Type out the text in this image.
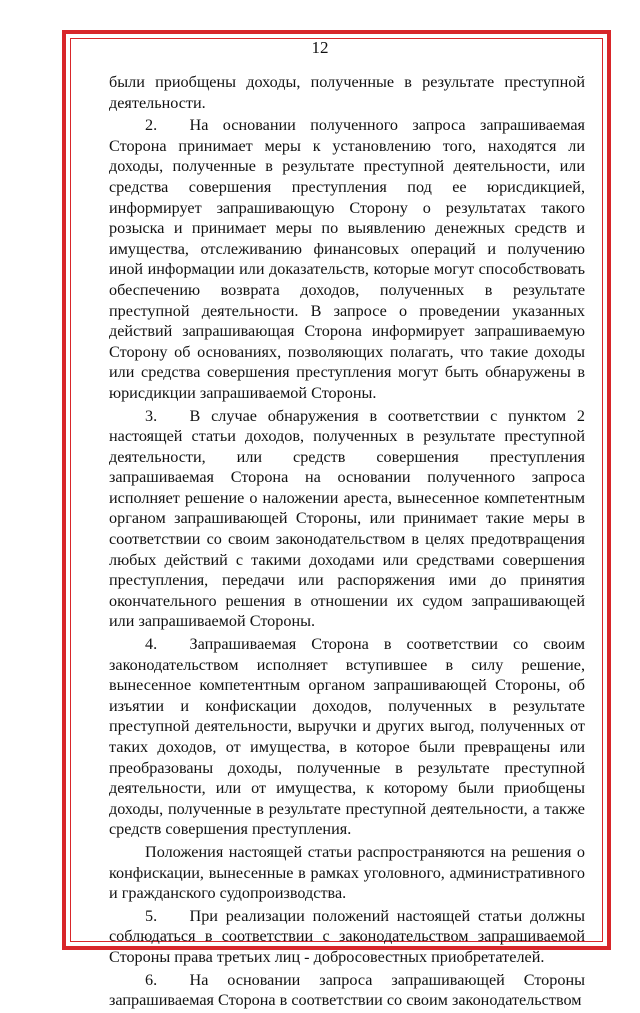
12

были приобщены доходы, полученные в результате преступной деятельности.

2.  На основании полученного запроса запрашиваемая Сторона принимает меры к установлению того, находятся ли доходы, полученные в результате преступной деятельности, или средства совершения преступления под ее юрисдикцией, информирует запрашивающую Сторону о результатах такого розыска и принимает меры по выявлению денежных средств и имущества, отслеживанию финансовых операций и получению иной информации или доказательств, которые могут способствовать обеспечению возврата доходов, полученных в результате преступной деятельности. В запросе о проведении указанных действий запрашивающая Сторона информирует запрашиваемую Сторону об основаниях, позволяющих полагать, что такие доходы или средства совершения преступления могут быть обнаружены в юрисдикции запрашиваемой Стороны.

3.  В случае обнаружения в соответствии с пунктом 2 настоящей статьи доходов, полученных в результате преступной деятельности, или средств совершения преступления запрашиваемая Сторона на основании полученного запроса исполняет решение о наложении ареста, вынесенное компетентным органом запрашивающей Стороны, или принимает такие меры в соответствии со своим законодательством в целях предотвращения любых действий с такими доходами или средствами совершения преступления, передачи или распоряжения ими до принятия окончательного решения в отношении их судом запрашивающей или запрашиваемой Стороны.

4.  Запрашиваемая Сторона в соответствии со своим законодательством исполняет вступившее в силу решение, вынесенное компетентным органом запрашивающей Стороны, об изъятии и конфискации доходов, полученных в результате преступной деятельности, выручки и других выгод, полученных от таких доходов, от имущества, в которое были превращены или преобразованы доходы, полученные в результате преступной деятельности, или от имущества, к которому были приобщены доходы, полученные в результате преступной деятельности, а также средств совершения преступления.

Положения настоящей статьи распространяются на решения о конфискации, вынесенные в рамках уголовного, административного и гражданского судопроизводства.

5.  При реализации положений настоящей статьи должны соблюдаться в соответствии с законодательством запрашиваемой Стороны права третьих лиц - добросовестных приобретателей.

6.  На основании запроса запрашивающей Стороны запрашиваемая Сторона в соответствии со своим законодательством
